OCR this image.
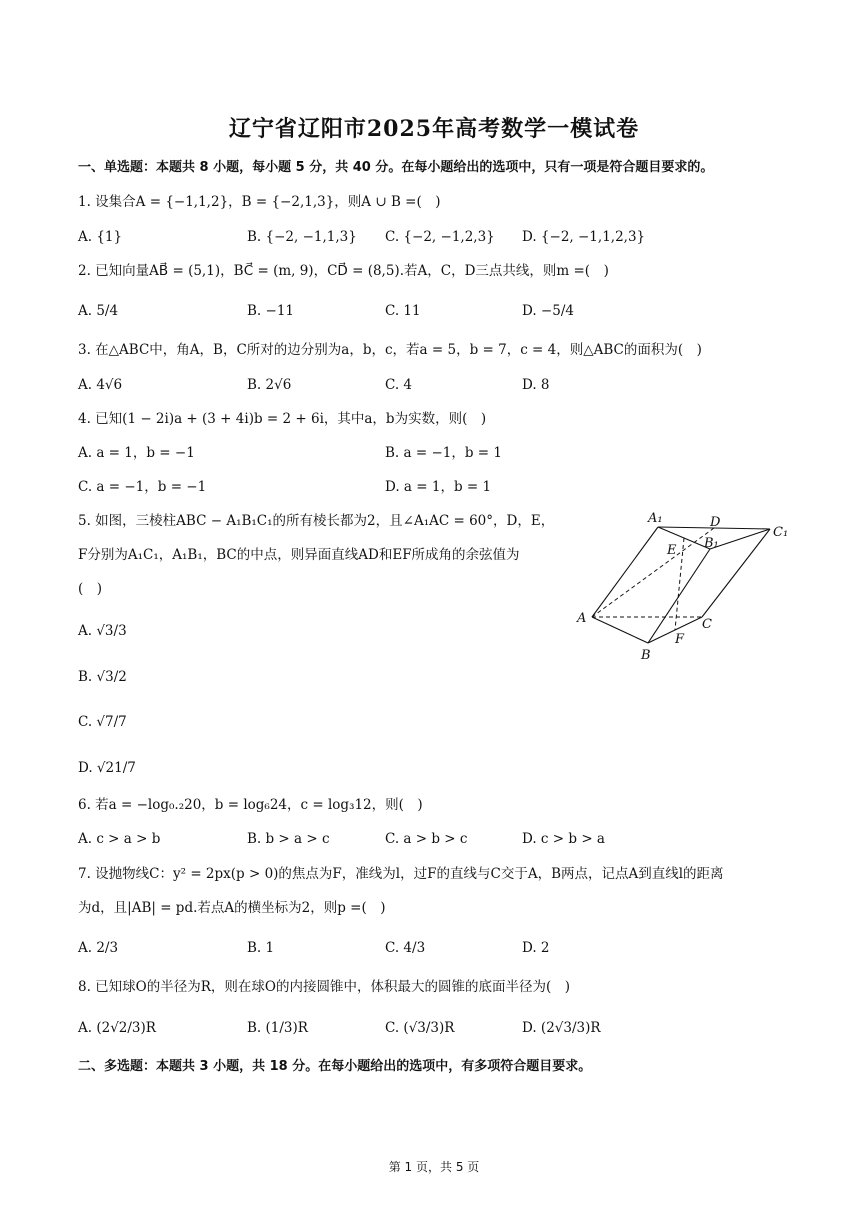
辽宁省辽阳市2025年高考数学一模试卷
一、单选题：本题共 8 小题，每小题 5 分，共 40 分。在每小题给出的选项中，只有一项是符合题目要求的。
1. 设集合A = {−1,1,2}，B = {−2,1,3}，则A ∪ B =(　)
A. {1}	B. {−2, −1,1,3} C. {−2, −1,2,3} D. {−2, −1,1,2,3}
2. 已知向量AB⃗ = (5,1)，BC⃗ = (m, 9)，CD⃗ = (8,5).若A，C，D三点共线，则m =(　)
A. 5/4	B. −11	C. 11	D. −5/4
3. 在△ABC中，角A，B，C所对的边分别为a，b，c，若a = 5，b = 7，c = 4，则△ABC的面积为(　)
A. 4√6	B. 2√6	C. 4	D. 8
4. 已知(1 − 2i)a + (3 + 4i)b = 2 + 6i，其中a，b为实数，则(　)
A. a = 1，b = −1	B. a = −1，b = 1
C. a = −1，b = −1	D. a = 1，b = 1
5. 如图，三棱柱ABC − A₁B₁C₁的所有棱长都为2，且∠A₁AC = 60°，D，E，
F分别为A₁C₁，A₁B₁，BC的中点，则异面直线AD和EF所成角的余弦值为
(　)
A. √3/3
B. √3/2
C. √7/7
D. √21/7
A₁	D
C₁
E B₁
A	C
B
F
6. 若a = −log₀.₂20，b = log₆24，c = log₃12，则(　)
A. c > a > b	B. b > a > c	C. a > b > c	D. c > b > a
7. 设抛物线C：y² = 2px(p > 0)的焦点为F，准线为l，过F的直线与C交于A，B两点，记点A到直线l的距离
为d，且|AB| = pd.若点A的横坐标为2，则p =(　)
A. 2/3	B. 1	C. 4/3	D. 2
8. 已知球O的半径为R，则在球O的内接圆锥中，体积最大的圆锥的底面半径为(　)
A. (2√2/3)R	B. (1/3)R	C. (√3/3)R	D. (2√3/3)R
二、多选题：本题共 3 小题，共 18 分。在每小题给出的选项中，有多项符合题目要求。
第 1 页，共 5 页
